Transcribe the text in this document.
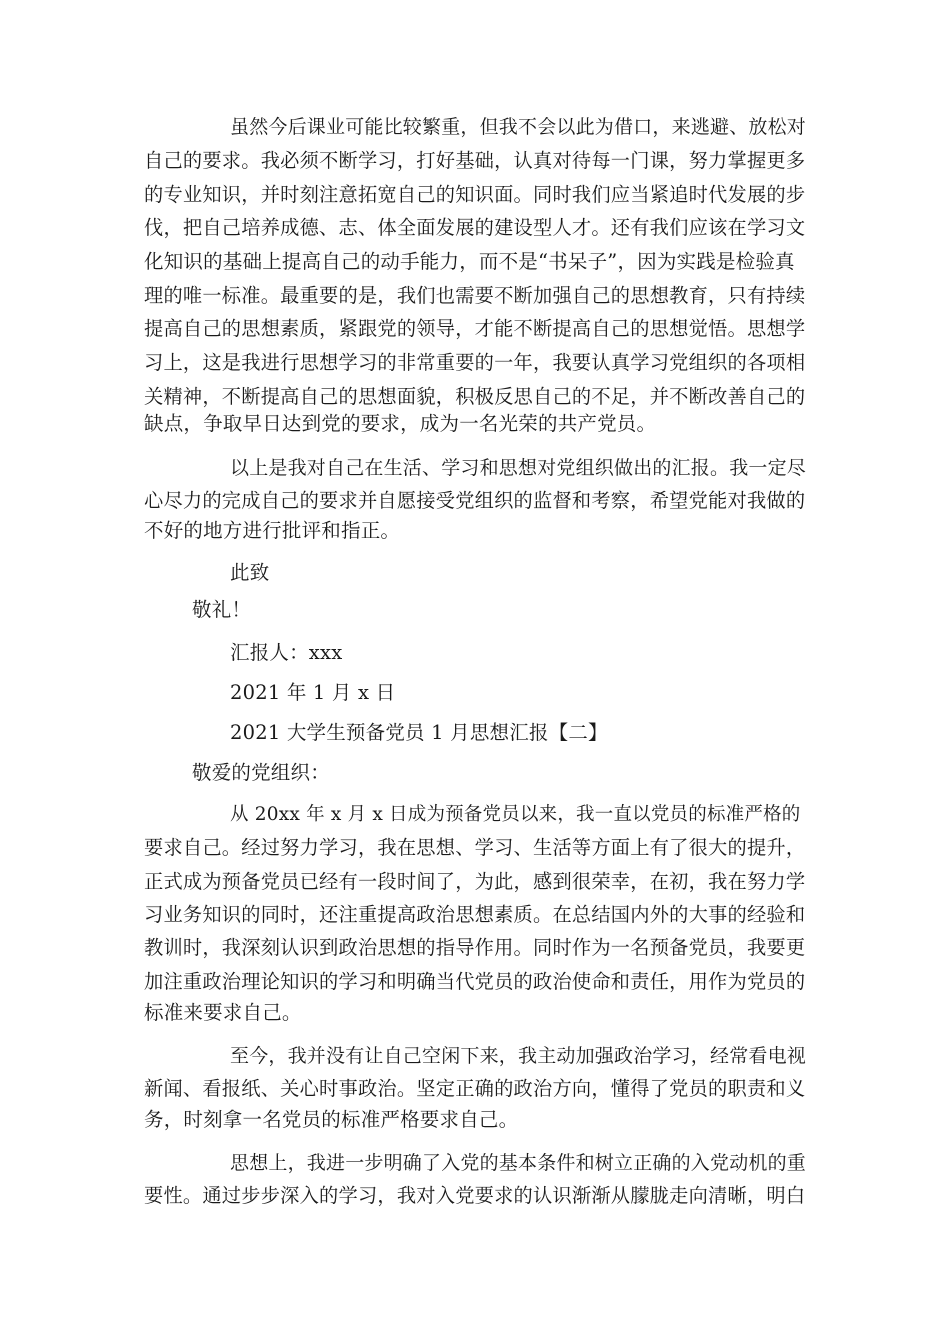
虽然今后课业可能比较繁重，但我不会以此为借口，来逃避、放松对
自己的要求。我必须不断学习，打好基础，认真对待每一门课，努力掌握更多
的专业知识，并时刻注意拓宽自己的知识面。同时我们应当紧追时代发展的步
伐，把自己培养成德、志、体全面发展的建设型人才。还有我们应该在学习文
化知识的基础上提高自己的动手能力，而不是“书呆子”，因为实践是检验真
理的唯一标准。最重要的是，我们也需要不断加强自己的思想教育，只有持续
提高自己的思想素质，紧跟党的领导，才能不断提高自己的思想觉悟。思想学
习上，这是我进行思想学习的非常重要的一年，我要认真学习党组织的各项相
关精神，不断提高自己的思想面貌，积极反思自己的不足，并不断改善自己的
缺点，争取早日达到党的要求，成为一名光荣的共产党员。
以上是我对自己在生活、学习和思想对党组织做出的汇报。我一定尽
心尽力的完成自己的要求并自愿接受党组织的监督和考察，希望党能对我做的
不好的地方进行批评和指正。
此致
敬礼！
汇报人：xxx
2021 年 1 月 x 日
2021 大学生预备党员 1 月思想汇报【二】
敬爱的党组织：
从 20xx 年 x 月 x 日成为预备党员以来，我一直以党员的标准严格的
要求自己。经过努力学习，我在思想、学习、生活等方面上有了很大的提升，
正式成为预备党员已经有一段时间了，为此，感到很荣幸，在初，我在努力学
习业务知识的同时，还注重提高政治思想素质。在总结国内外的大事的经验和
教训时，我深刻认识到政治思想的指导作用。同时作为一名预备党员，我要更
加注重政治理论知识的学习和明确当代党员的政治使命和责任，用作为党员的
标准来要求自己。
至今，我并没有让自己空闲下来，我主动加强政治学习，经常看电视
新闻、看报纸、关心时事政治。坚定正确的政治方向，懂得了党员的职责和义
务，时刻拿一名党员的标准严格要求自己。
思想上，我进一步明确了入党的基本条件和树立正确的入党动机的重
要性。通过步步深入的学习，我对入党要求的认识渐渐从朦胧走向清晰，明白
